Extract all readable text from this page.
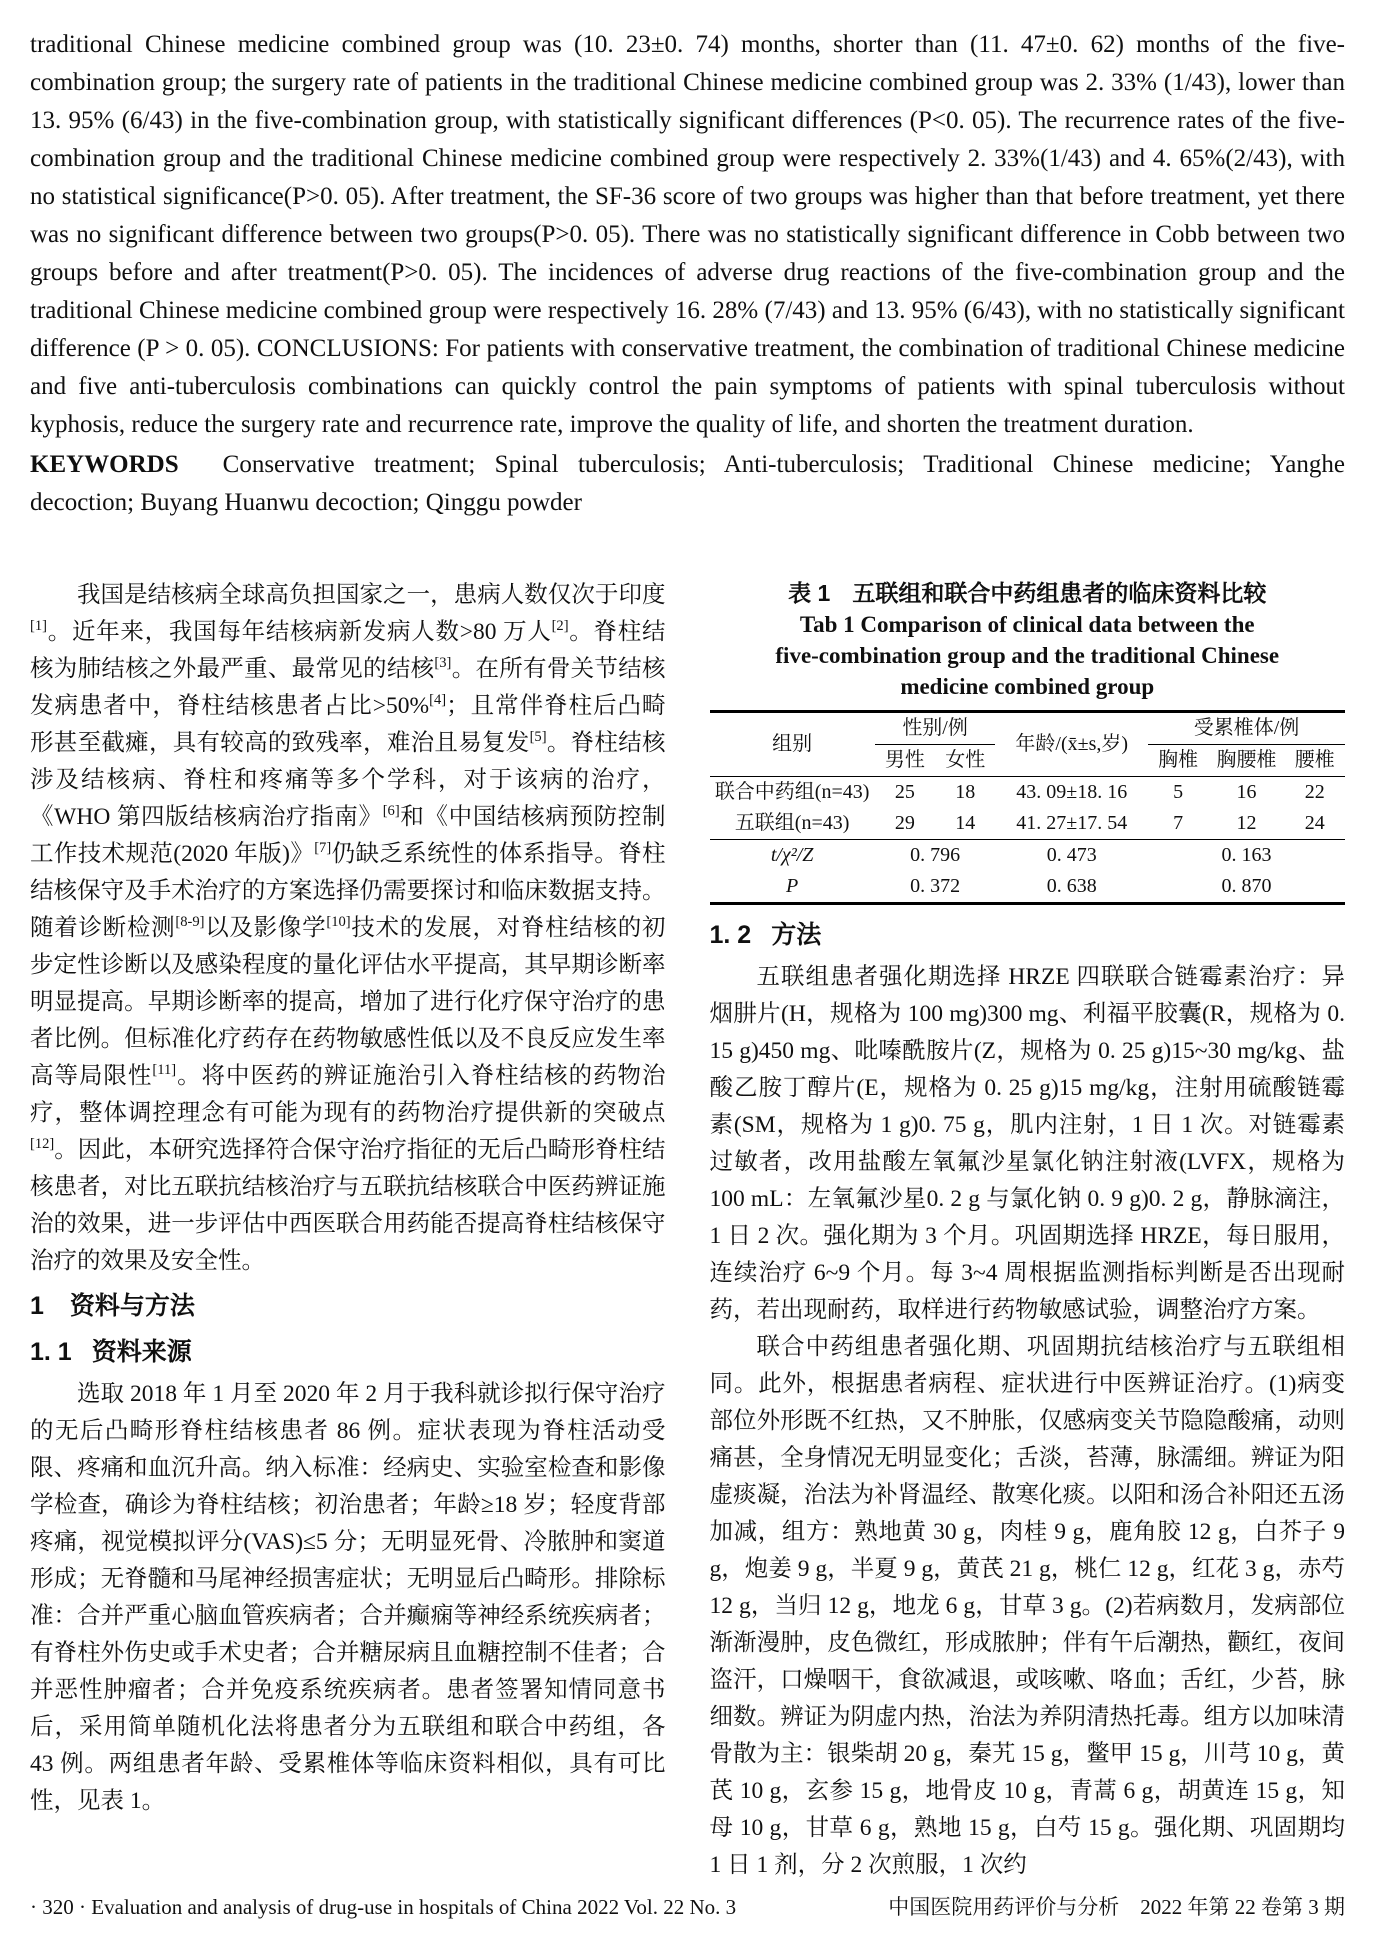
traditional Chinese medicine combined group was (10. 23±0. 74) months, shorter than (11. 47±0. 62) months of the five-combination group; the surgery rate of patients in the traditional Chinese medicine combined group was 2. 33% (1/43), lower than 13. 95% (6/43) in the five-combination group, with statistically significant differences (P<0. 05). The recurrence rates of the five-combination group and the traditional Chinese medicine combined group were respectively 2. 33%(1/43) and 4. 65%(2/43), with no statistical significance(P>0. 05). After treatment, the SF-36 score of two groups was higher than that before treatment, yet there was no significant difference between two groups(P>0. 05). There was no statistically significant difference in Cobb between two groups before and after treatment(P>0. 05). The incidences of adverse drug reactions of the five-combination group and the traditional Chinese medicine combined group were respectively 16. 28% (7/43) and 13. 95% (6/43), with no statistically significant difference (P > 0. 05). CONCLUSIONS: For patients with conservative treatment, the combination of traditional Chinese medicine and five anti-tuberculosis combinations can quickly control the pain symptoms of patients with spinal tuberculosis without kyphosis, reduce the surgery rate and recurrence rate, improve the quality of life, and shorten the treatment duration.

KEYWORDS Conservative treatment; Spinal tuberculosis; Anti-tuberculosis; Traditional Chinese medicine; Yanghe decoction; Buyang Huanwu decoction; Qinggu powder

我国是结核病全球高负担国家之一，患病人数仅次于印度[1]。近年来，我国每年结核病新发病人数>80 万人[2]。脊柱结核为肺结核之外最严重、最常见的结核[3]。在所有骨关节结核发病患者中，脊柱结核患者占比>50%[4]；且常伴脊柱后凸畸形甚至截瘫，具有较高的致残率，难治且易复发[5]。脊柱结核涉及结核病、脊柱和疼痛等多个学科，对于该病的治疗，《WHO 第四版结核病治疗指南》[6]和《中国结核病预防控制工作技术规范(2020 年版)》[7]仍缺乏系统性的体系指导。脊柱结核保守及手术治疗的方案选择仍需要探讨和临床数据支持。随着诊断检测[8-9]以及影像学[10]技术的发展，对脊柱结核的初步定性诊断以及感染程度的量化评估水平提高，其早期诊断率明显提高。早期诊断率的提高，增加了进行化疗保守治疗的患者比例。但标准化疗药存在药物敏感性低以及不良反应发生率高等局限性[11]。将中医药的辨证施治引入脊柱结核的药物治疗，整体调控理念有可能为现有的药物治疗提供新的突破点[12]。因此，本研究选择符合保守治疗指征的无后凸畸形脊柱结核患者，对比五联抗结核治疗与五联抗结核联合中医药辨证施治的效果，进一步评估中西医联合用药能否提高脊柱结核保守治疗的效果及安全性。

1 资料与方法
1. 1 资料来源

选取 2018 年 1 月至 2020 年 2 月于我科就诊拟行保守治疗的无后凸畸形脊柱结核患者 86 例。症状表现为脊柱活动受限、疼痛和血沉升高。纳入标准：经病史、实验室检查和影像学检查，确诊为脊柱结核；初治患者；年龄≥18 岁；轻度背部疼痛，视觉模拟评分(VAS)≤5 分；无明显死骨、冷脓肿和窦道形成；无脊髓和马尾神经损害症状；无明显后凸畸形。排除标准：合并严重心脑血管疾病者；合并癫痫等神经系统疾病者；有脊柱外伤史或手术史者；合并糖尿病且血糖控制不佳者；合并恶性肿瘤者；合并免疫系统疾病者。患者签署知情同意书后，采用简单随机化法将患者分为五联组和联合中药组，各 43 例。两组患者年龄、受累椎体等临床资料相似，具有可比性，见表 1。

表 1 五联组和联合中药组患者的临床资料比较
Tab 1 Comparison of clinical data between the
five-combination group and the traditional Chinese
medicine combined group
组别	性别/例		年龄/(x̄±s,岁)	受累椎体/例		
	男性	女性		胸椎	胸腰椎	腰椎
联合中药组(n=43)	25	18	43. 09±18. 16	5	16	22
五联组(n=43)	29	14	41. 27±17. 54	7	12	24
t/χ²/Z	0. 796		0. 473	0. 163		
P	0. 372		0. 638	0. 870		
1. 2 方法

五联组患者强化期选择 HRZE 四联联合链霉素治疗：异烟肼片(H，规格为 100 mg)300 mg、利福平胶囊(R，规格为 0. 15 g)450 mg、吡嗪酰胺片(Z，规格为 0. 25 g)15~30 mg/kg、盐酸乙胺丁醇片(E，规格为 0. 25 g)15 mg/kg，注射用硫酸链霉素(SM，规格为 1 g)0. 75 g，肌内注射，1 日 1 次。对链霉素过敏者，改用盐酸左氧氟沙星氯化钠注射液(LVFX，规格为 100 mL：左氧氟沙星0. 2 g 与氯化钠 0. 9 g)0. 2 g，静脉滴注，1 日 2 次。强化期为 3 个月。巩固期选择 HRZE，每日服用，连续治疗 6~9 个月。每 3~4 周根据监测指标判断是否出现耐药，若出现耐药，取样进行药物敏感试验，调整治疗方案。

联合中药组患者强化期、巩固期抗结核治疗与五联组相同。此外，根据患者病程、症状进行中医辨证治疗。(1)病变部位外形既不红热，又不肿胀，仅感病变关节隐隐酸痛，动则痛甚，全身情况无明显变化；舌淡，苔薄，脉濡细。辨证为阳虚痰凝，治法为补肾温经、散寒化痰。以阳和汤合补阳还五汤加减，组方：熟地黄 30 g，肉桂 9 g，鹿角胶 12 g，白芥子 9 g，炮姜 9 g，半夏 9 g，黄芪 21 g，桃仁 12 g，红花 3 g，赤芍 12 g，当归 12 g，地龙 6 g，甘草 3 g。(2)若病数月，发病部位渐渐漫肿，皮色微红，形成脓肿；伴有午后潮热，颧红，夜间盗汗，口燥咽干，食欲减退，或咳嗽、咯血；舌红，少苔，脉细数。辨证为阴虚内热，治法为养阴清热托毒。组方以加味清骨散为主：银柴胡 20 g，秦艽 15 g，鳖甲 15 g，川芎 10 g，黄芪 10 g，玄参 15 g，地骨皮 10 g，青蒿 6 g，胡黄连 15 g，知母 10 g，甘草 6 g，熟地 15 g，白芍 15 g。强化期、巩固期均 1 日 1 剂，分 2 次煎服，1 次约

· 320 · Evaluation and analysis of drug-use in hospitals of China 2022 Vol. 22 No. 3	中国医院用药评价与分析　 2022 年第 22 卷第 3 期
